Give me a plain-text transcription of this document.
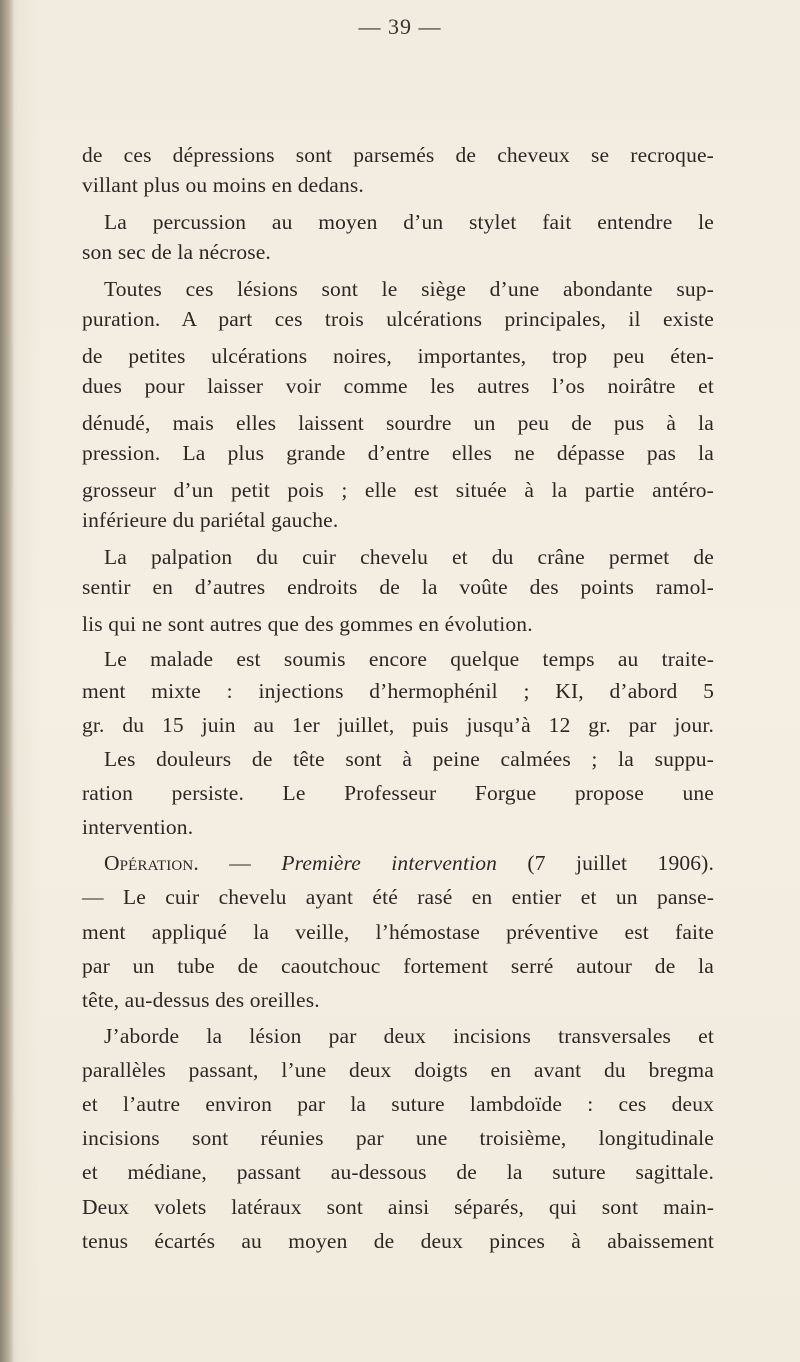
— 39 —
de ces dépressions sont parsemés de cheveux se recroque-
villant plus ou moins en dedans.
La percussion au moyen d’un stylet fait entendre le
son sec de la nécrose.
Toutes ces lésions sont le siège d’une abondante sup-
puration. A part ces trois ulcérations principales, il existe
de petites ulcérations noires, importantes, trop peu éten-
dues pour laisser voir comme les autres l’os noirâtre et
dénudé, mais elles laissent sourdre un peu de pus à la
pression. La plus grande d’entre elles ne dépasse pas la
grosseur d’un petit pois ; elle est située à la partie antéro-
inférieure du pariétal gauche.
La palpation du cuir chevelu et du crâne permet de
sentir en d’autres endroits de la voûte des points ramol-
lis qui ne sont autres que des gommes en évolution.
Le malade est soumis encore quelque temps au traite-
ment mixte : injections d’hermophénil ; KI, d’abord 5
gr. du 15 juin au 1er juillet, puis jusqu’à 12 gr. par jour.
Les douleurs de tête sont à peine calmées ; la suppu-
ration persiste. Le Professeur Forgue propose une
intervention.
Opération. — Première intervention (7 juillet 1906).
— Le cuir chevelu ayant été rasé en entier et un panse-
ment appliqué la veille, l’hémostase préventive est faite
par un tube de caoutchouc fortement serré autour de la
tête, au-dessus des oreilles.
J’aborde la lésion par deux incisions transversales et
parallèles passant, l’une deux doigts en avant du bregma
et l’autre environ par la suture lambdoïde : ces deux
incisions sont réunies par une troisième, longitudinale
et médiane, passant au-dessous de la suture sagittale.
Deux volets latéraux sont ainsi séparés, qui sont main-
tenus écartés au moyen de deux pinces à abaissement
